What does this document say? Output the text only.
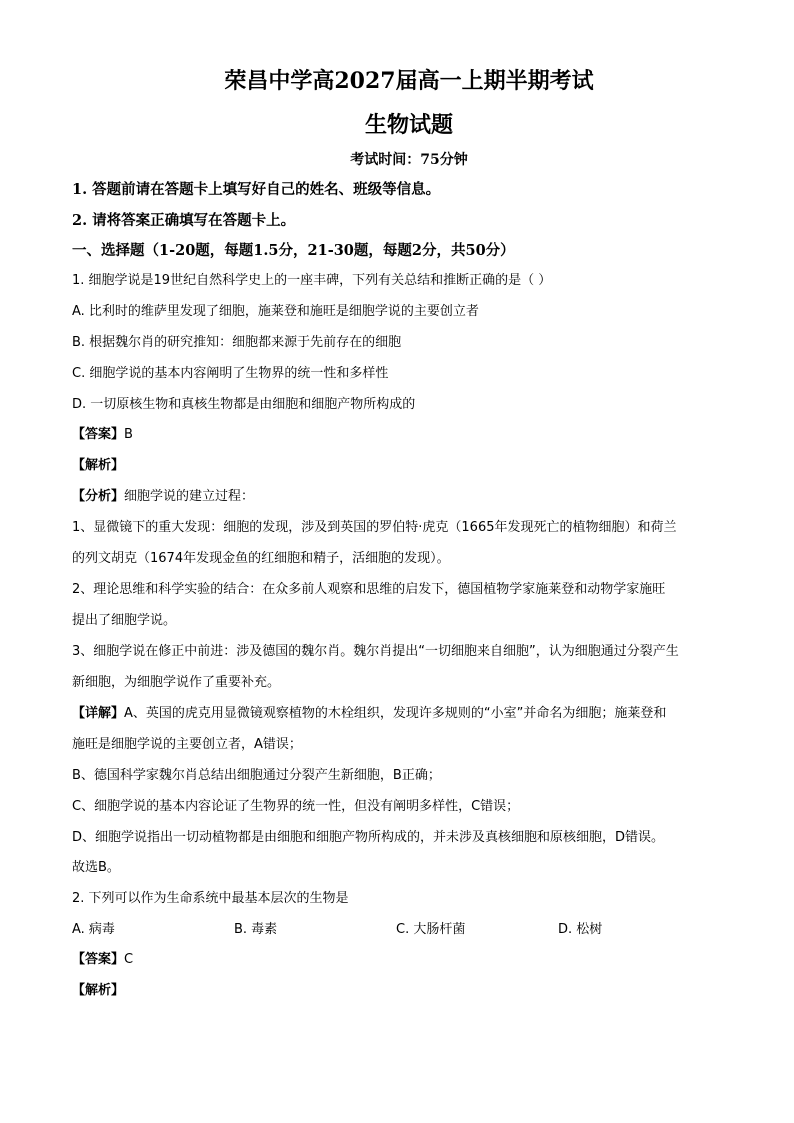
荣昌中学高2027届高一上期半期考试
生物试题

考试时间：75分钟

1. 答题前请在答题卡上填写好自己的姓名、班级等信息。

2. 请将答案正确填写在答题卡上。

一、选择题（1-20题，每题1.5分，21-30题，每题2分，共50分）

1. 细胞学说是19世纪自然科学史上的一座丰碑，下列有关总结和推断正确的是（ ）

A. 比利时的维萨里发现了细胞，施莱登和施旺是细胞学说的主要创立者

B. 根据魏尔肖的研究推知：细胞都来源于先前存在的细胞

C. 细胞学说的基本内容阐明了生物界的统一性和多样性

D. 一切原核生物和真核生物都是由细胞和细胞产物所构成的

【答案】B

【解析】

【分析】细胞学说的建立过程：

1、显微镜下的重大发现：细胞的发现，涉及到英国的罗伯特·虎克（1665年发现死亡的植物细胞）和荷兰

的列文胡克（1674年发现金鱼的红细胞和精子，活细胞的发现）。

2、理论思维和科学实验的结合：在众多前人观察和思维的启发下，德国植物学家施莱登和动物学家施旺

提出了细胞学说。

3、细胞学说在修正中前进：涉及德国的魏尔肖。魏尔肖提出“一切细胞来自细胞”，认为细胞通过分裂产生

新细胞，为细胞学说作了重要补充。

【详解】A、英国的虎克用显微镜观察植物的木栓组织，发现许多规则的“小室”并命名为细胞；施莱登和

施旺是细胞学说的主要创立者，A错误；

B、德国科学家魏尔肖总结出细胞通过分裂产生新细胞，B正确；

C、细胞学说的基本内容论证了生物界的统一性，但没有阐明多样性，C错误；

D、细胞学说指出一切动植物都是由细胞和细胞产物所构成的，并未涉及真核细胞和原核细胞，D错误。

故选B。

2. 下列可以作为生命系统中最基本层次的生物是

A. 病毒	B. 毒素	C. 大肠杆菌	D. 松树

【答案】C

【解析】
